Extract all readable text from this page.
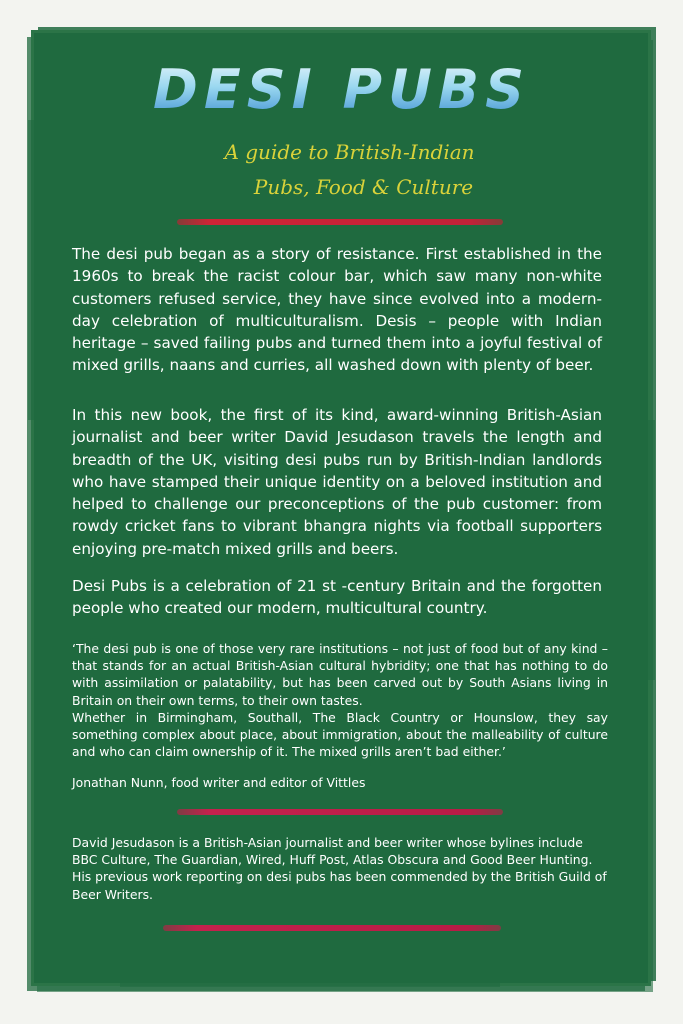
DESI PUBS

A guide to British-Indian

Pubs, Food & Culture

The desi pub began as a story of resistance. First established in the 1960s to break the racist colour bar, which saw many non-white customers refused service, they have since evolved into a modern-day celebration of multiculturalism. Desis – people with Indian heritage – saved failing pubs and turned them into a joyful festival of mixed grills, naans and curries, all washed down with plenty of beer.

In this new book, the first of its kind, award-winning British-Asian journalist and beer writer David Jesudason travels the length and breadth of the UK, visiting desi pubs run by British-Indian landlords who have stamped their unique identity on a beloved institution and helped to challenge our preconceptions of the pub customer: from rowdy cricket fans to vibrant bhangra nights via football supporters enjoying pre-match mixed grills and beers.

Desi Pubs is a celebration of 21 st -century Britain and the forgotten people who created our modern, multicultural country.

‘The desi pub is one of those very rare institutions – not just of food but of any kind – that stands for an actual British-Asian cultural hybridity; one that has nothing to do with assimilation or palatability, but has been carved out by South Asians living in Britain on their own terms, to their own tastes.
Whether in Birmingham, Southall, The Black Country or Hounslow, they say something complex about place, about immigration, about the malleability of culture and who can claim ownership of it. The mixed grills aren’t bad either.’

Jonathan Nunn, food writer and editor of Vittles

David Jesudason is a British-Asian journalist and beer writer whose bylines include BBC Culture, The Guardian, Wired, Huff Post, Atlas Obscura and Good Beer Hunting. His previous work reporting on desi pubs has been commended by the British Guild of Beer Writers.
